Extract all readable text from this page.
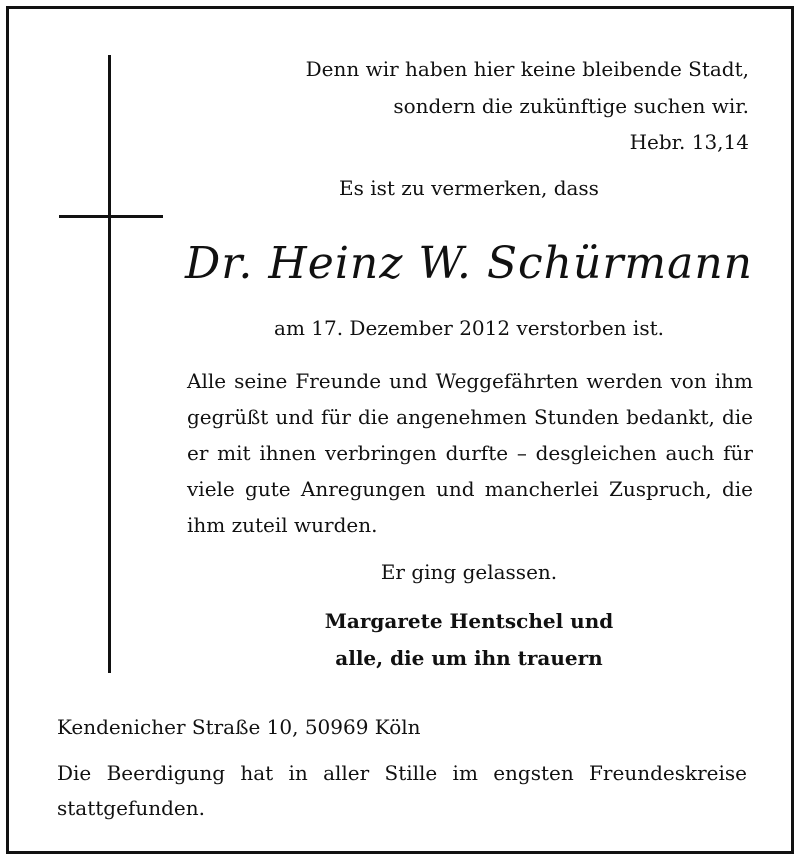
Denn wir haben hier keine bleibende Stadt,
sondern die zukünftige suchen wir.
Hebr. 13,14
Es ist zu vermerken, dass
Dr. Heinz W. Schürmann
am 17. Dezember 2012 verstorben ist.
Alle seine Freunde und Weggefährten werden von ihm gegrüßt und für die angenehmen Stunden bedankt, die er mit ihnen verbringen durfte – desgleichen auch für viele gute Anregungen und mancherlei Zuspruch, die ihm zuteil wurden.
Er ging gelassen.
Margarete Hentschel und
alle, die um ihn trauern
Kendenicher Straße 10, 50969 Köln
Die Beerdigung hat in aller Stille im engsten Freundeskreise stattgefunden.
